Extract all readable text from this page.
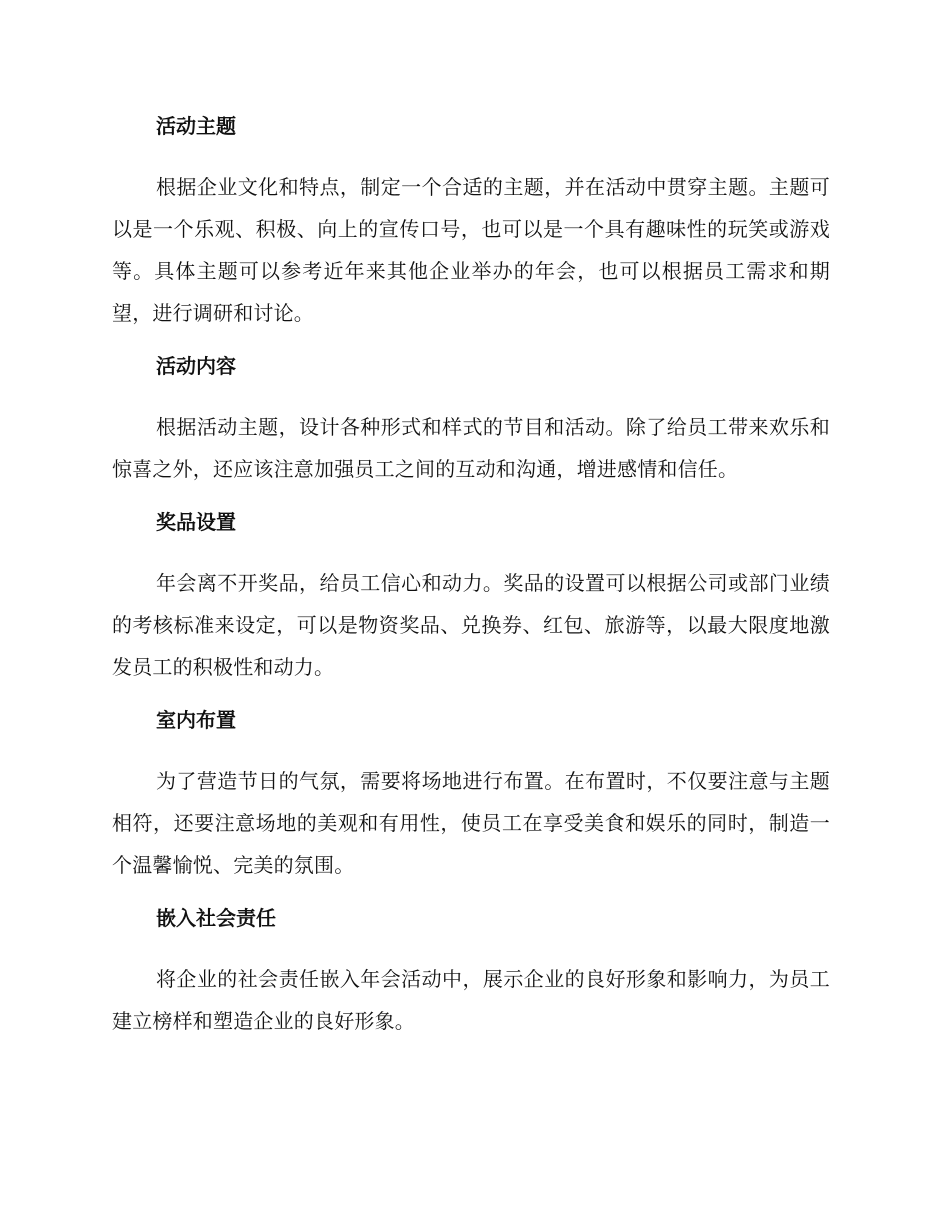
活动主题

根据企业文化和特点，制定一个合适的主题，并在活动中贯穿主题。主题可以是一个乐观、积极、向上的宣传口号，也可以是一个具有趣味性的玩笑或游戏等。具体主题可以参考近年来其他企业举办的年会，也可以根据员工需求和期望，进行调研和讨论。

活动内容

根据活动主题，设计各种形式和样式的节目和活动。除了给员工带来欢乐和惊喜之外，还应该注意加强员工之间的互动和沟通，增进感情和信任。

奖品设置

年会离不开奖品，给员工信心和动力。奖品的设置可以根据公司或部门业绩的考核标准来设定，可以是物资奖品、兑换券、红包、旅游等，以最大限度地激发员工的积极性和动力。

室内布置

为了营造节日的气氛，需要将场地进行布置。在布置时，不仅要注意与主题相符，还要注意场地的美观和有用性，使员工在享受美食和娱乐的同时，制造一个温馨愉悦、完美的氛围。

嵌入社会责任

将企业的社会责任嵌入年会活动中，展示企业的良好形象和影响力，为员工建立榜样和塑造企业的良好形象。
